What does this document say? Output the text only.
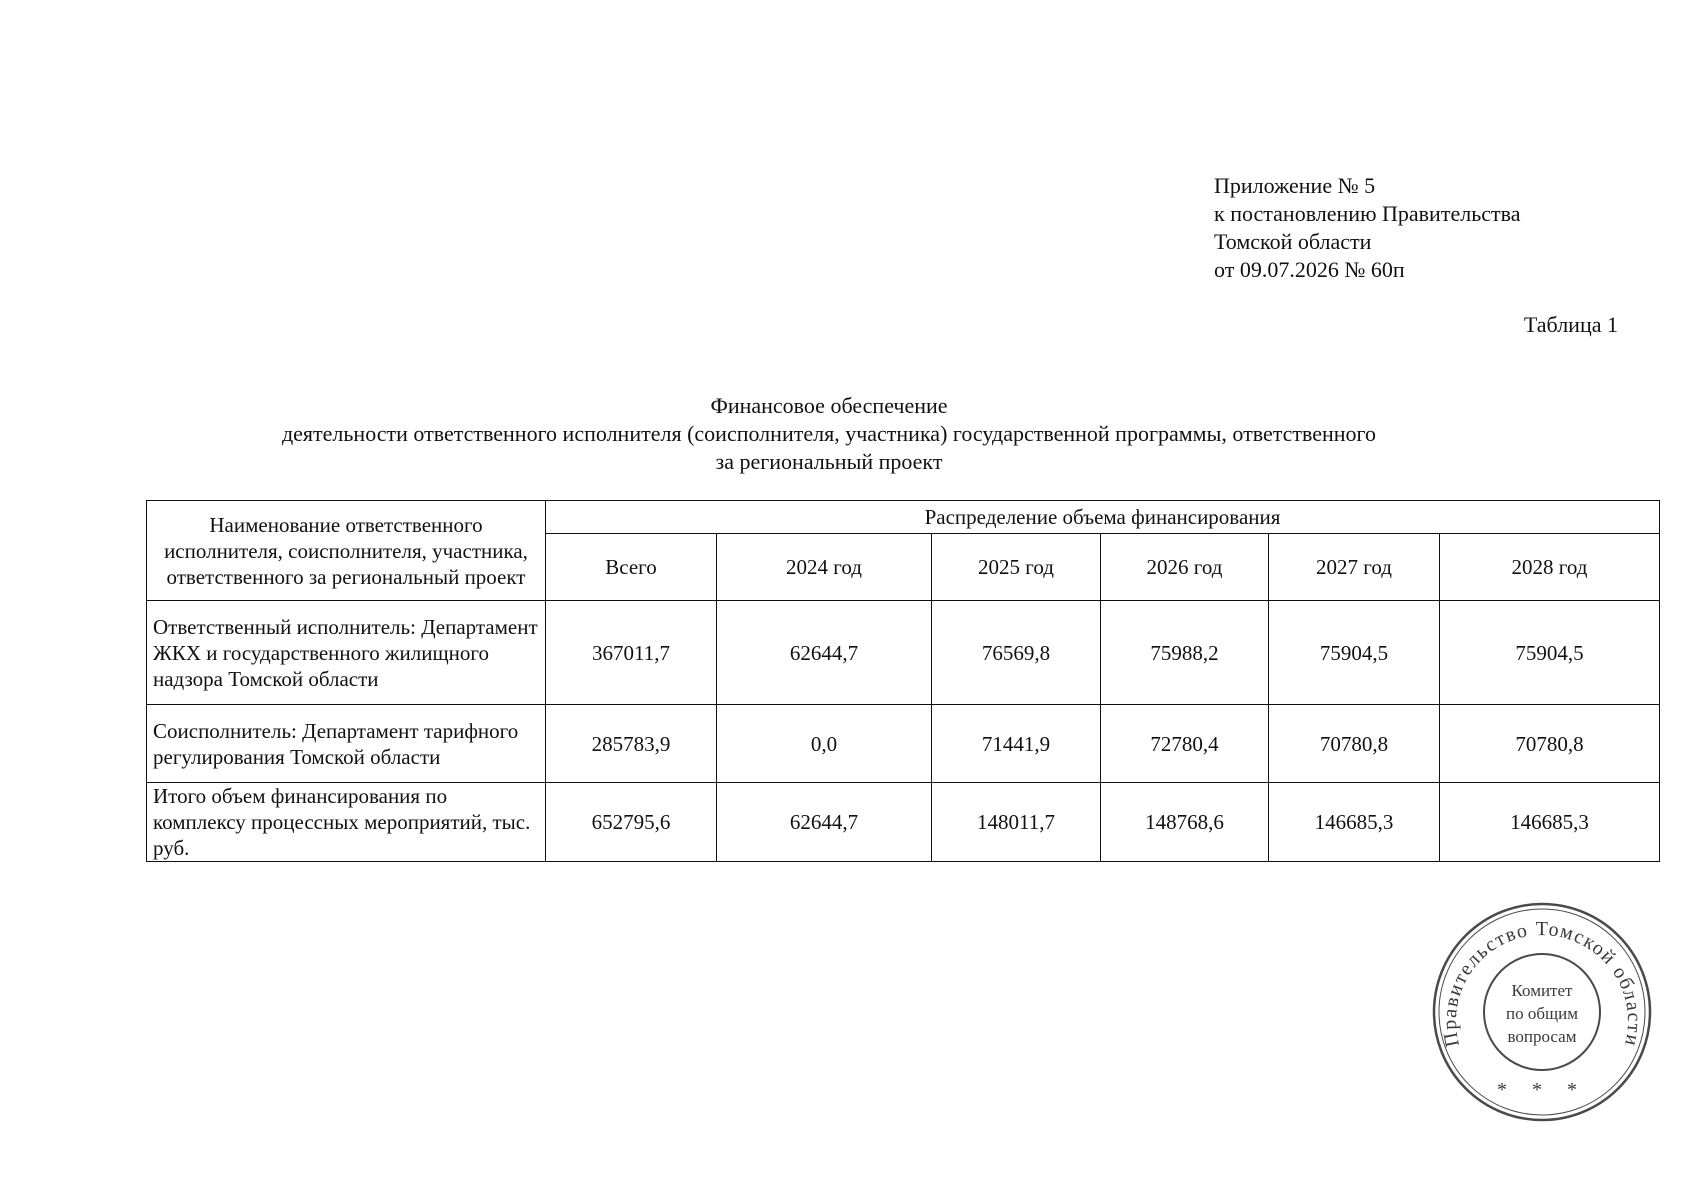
Приложение № 5
к постановлению Правительства
Томской области
от 09.07.2026 № 60п
Таблица 1
Финансовое обеспечение
деятельности ответственного исполнителя (соисполнителя, участника) государственной программы, ответственного
за региональный проект
Наименование ответственного исполнителя, соисполнителя, участника, ответственного за региональный проект	Распределение объема финансирования					
	Всего	2024 год	2025 год	2026 год	2027 год	2028 год
Ответственный исполнитель: Департамент ЖКХ и государственного жилищного надзора Томской области	367011,7	62644,7	76569,8	75988,2	75904,5	75904,5
Соисполнитель: Департамент тарифного регулирования Томской области	285783,9	0,0	71441,9	72780,4	70780,8	70780,8
Итого объем финансирования по комплексу процессных мероприятий, тыс. руб.	652795,6	62644,7	148011,7	148768,6	146685,3	146685,3
Правительство Томской области
Комитет
по общим
вопросам
* * *
